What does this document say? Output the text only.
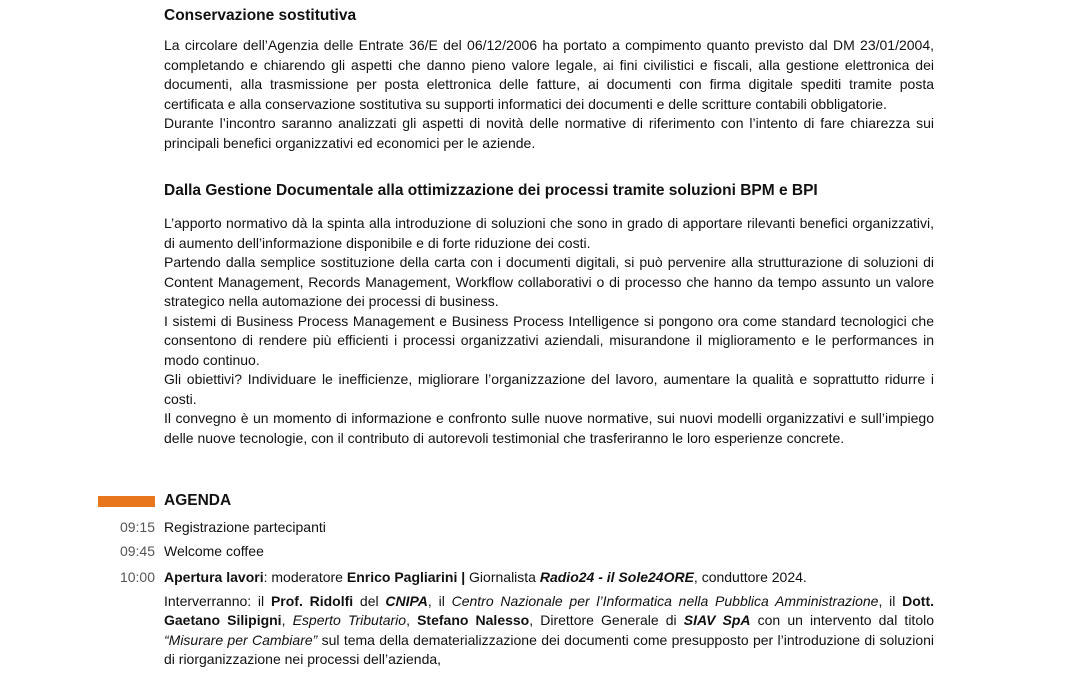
Conservazione sostitutiva

La circolare dell’Agenzia delle Entrate 36/E del 06/12/2006 ha portato a compimento quanto previsto dal DM 23/01/2004, completando e chiarendo gli aspetti che danno pieno valore legale, ai fini civilistici e fiscali, alla gestione elettronica dei documenti, alla trasmissione per posta elettronica delle fatture, ai documenti con firma digitale spediti tramite posta certificata e alla conservazione sostitutiva su supporti informatici dei documenti e delle scritture contabili obbligatorie.

Durante l’incontro saranno analizzati gli aspetti di novità delle normative di riferimento con l’intento di fare chiarezza sui principali benefici organizzativi ed economici per le aziende.

Dalla Gestione Documentale alla ottimizzazione dei processi tramite soluzioni BPM e BPI

L’apporto normativo dà la spinta alla introduzione di soluzioni che sono in grado di apportare rilevanti benefici organizzativi, di aumento dell’informazione disponibile e di forte riduzione dei costi.

Partendo dalla semplice sostituzione della carta con i documenti digitali, si può pervenire alla strutturazione di soluzioni di Content Management, Records Management, Workflow collaborativi o di processo che hanno da tempo assunto un valore strategico nella automazione dei processi di business.

I sistemi di Business Process Management e Business Process Intelligence si pongono ora come standard tecnologici che consentono di rendere più efficienti i processi organizzativi aziendali, misurandone il miglioramento e le performances in modo continuo.

Gli obiettivi? Individuare le inefficienze, migliorare l’organizzazione del lavoro, aumentare la qualità e soprattutto ridurre i costi.

Il convegno è un momento di informazione e confronto sulle nuove normative, sui nuovi modelli organizzativi e sull’impiego delle nuove tecnologie, con il contributo di autorevoli testimonial che trasferiranno le loro esperienze concrete.

AGENDA
09:15 Registrazione partecipanti
09:45 Welcome coffee
10:00 Apertura lavori: moderatore Enrico Pagliarini | Giornalista Radio24 - il Sole24ORE, conduttore 2024.
Interverranno: il Prof. Ridolfi del CNIPA, il Centro Nazionale per l’Informatica nella Pubblica Amministrazione, il Dott. Gaetano Silipigni, Esperto Tributario, Stefano Nalesso, Direttore Generale di SIAV SpA con un intervento dal titolo “Misurare per Cambiare” sul tema della dematerializzazione dei documenti come presupposto per l’introduzione di soluzioni di riorganizzazione nei processi dell’azienda,
